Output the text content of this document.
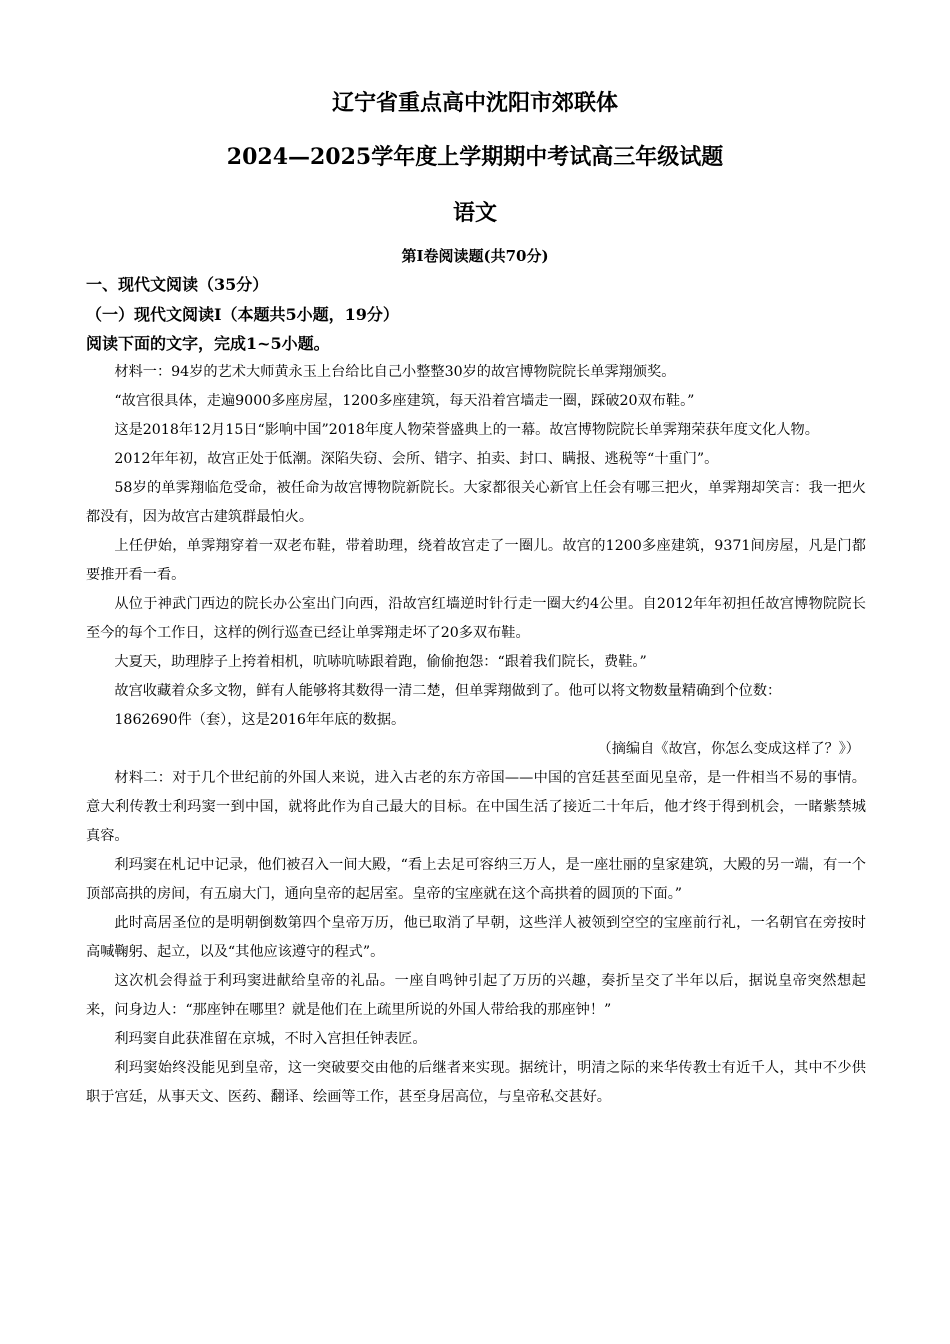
辽宁省重点高中沈阳市郊联体
2024—2025学年度上学期期中考试高三年级试题
语文
第I卷阅读题(共70分)
一、现代文阅读（35分）
（一）现代文阅读I（本题共5小题，19分）
阅读下面的文字，完成1~5小题。

材料一：94岁的艺术大师黄永玉上台给比自己小整整30岁的故宫博物院院长单霁翔颁奖。

“故宫很具体，走遍9000多座房屋，1200多座建筑，每天沿着宫墙走一圈，踩破20双布鞋。”

这是2018年12月15日“影响中国”2018年度人物荣誉盛典上的一幕。故宫博物院院长单霁翔荣获年度文化人物。

2012年年初，故宫正处于低潮。深陷失窃、会所、错字、拍卖、封口、瞒报、逃税等“十重门”。

58岁的单霁翔临危受命，被任命为故宫博物院新院长。大家都很关心新官上任会有哪三把火，单霁翔却笑言：我一把火都没有，因为故宫古建筑群最怕火。

上任伊始，单霁翔穿着一双老布鞋，带着助理，绕着故宫走了一圈儿。故宫的1200多座建筑，9371间房屋，凡是门都要推开看一看。

从位于神武门西边的院长办公室出门向西，沿故宫红墙逆时针行走一圈大约4公里。自2012年年初担任故宫博物院院长至今的每个工作日，这样的例行巡查已经让单霁翔走坏了20多双布鞋。

大夏天，助理脖子上挎着相机，吭哧吭哧跟着跑，偷偷抱怨：“跟着我们院长，费鞋。”

故宫收藏着众多文物，鲜有人能够将其数得一清二楚，但单霁翔做到了。他可以将文物数量精确到个位数：

1862690件（套），这是2016年年底的数据。

（摘编自《故宫，你怎么变成这样了？》）

材料二：对于几个世纪前的外国人来说，进入古老的东方帝国——中国的宫廷甚至面见皇帝，是一件相当不易的事情。意大利传教士利玛窦一到中国，就将此作为自己最大的目标。在中国生活了接近二十年后，他才终于得到机会，一睹紫禁城真容。

利玛窦在札记中记录，他们被召入一间大殿，“看上去足可容纳三万人，是一座壮丽的皇家建筑，大殿的另一端，有一个顶部高拱的房间，有五扇大门，通向皇帝的起居室。皇帝的宝座就在这个高拱着的圆顶的下面。”

此时高居圣位的是明朝倒数第四个皇帝万历，他已取消了早朝，这些洋人被领到空空的宝座前行礼，一名朝官在旁按时高喊鞠躬、起立，以及“其他应该遵守的程式”。

这次机会得益于利玛窦进献给皇帝的礼品。一座自鸣钟引起了万历的兴趣，奏折呈交了半年以后，据说皇帝突然想起来，问身边人：“那座钟在哪里？就是他们在上疏里所说的外国人带给我的那座钟！”

利玛窦自此获准留在京城，不时入宫担任钟表匠。

利玛窦始终没能见到皇帝，这一突破要交由他的后继者来实现。据统计，明清之际的来华传教士有近千人，其中不少供职于宫廷，从事天文、医药、翻译、绘画等工作，甚至身居高位，与皇帝私交甚好。
